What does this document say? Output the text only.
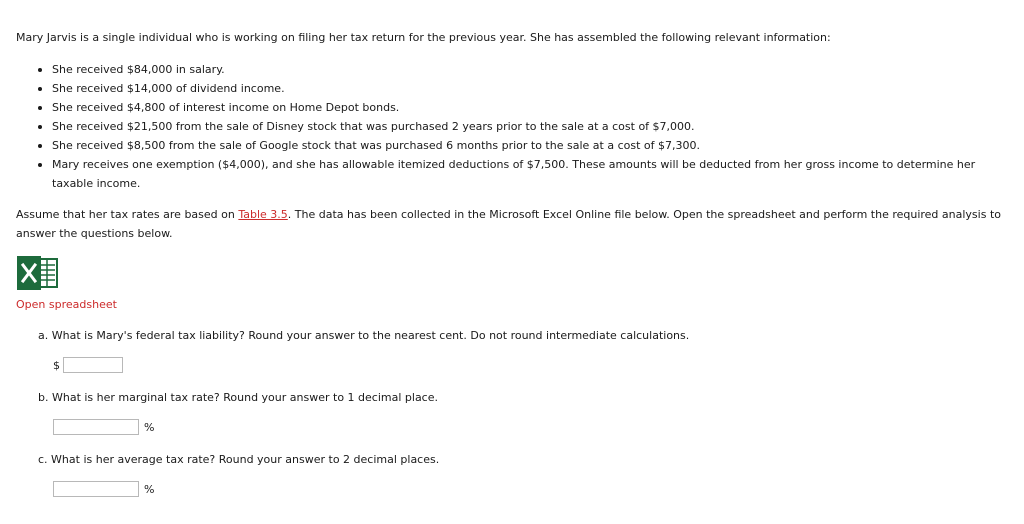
Mary Jarvis is a single individual who is working on filing her tax return for the previous year. She has assembled the following relevant information:
She received $84,000 in salary.
She received $14,000 of dividend income.
She received $4,800 of interest income on Home Depot bonds.
She received $21,500 from the sale of Disney stock that was purchased 2 years prior to the sale at a cost of $7,000.
She received $8,500 from the sale of Google stock that was purchased 6 months prior to the sale at a cost of $7,300.
Mary receives one exemption ($4,000), and she has allowable itemized deductions of $7,500. These amounts will be deducted from her gross income to determine her taxable income.
Assume that her tax rates are based on Table 3.5. The data has been collected in the Microsoft Excel Online file below. Open the spreadsheet and perform the required analysis to answer the questions below.
Open spreadsheet
a. What is Mary's federal tax liability? Round your answer to the nearest cent. Do not round intermediate calculations.
$
b. What is her marginal tax rate? Round your answer to 1 decimal place.
%
c. What is her average tax rate? Round your answer to 2 decimal places.
%
